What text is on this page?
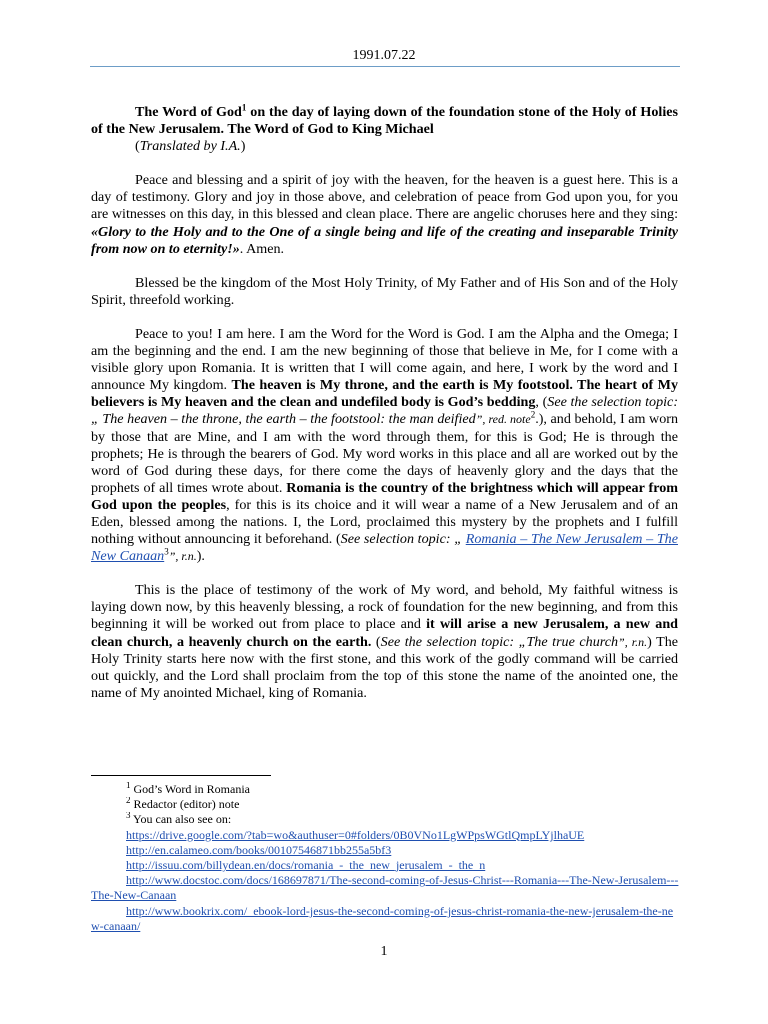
1991.07.22

The Word of God$^1$ on the day of laying down of the foundation stone of the Holy of Holies of the New Jerusalem. The Word of God to King Michael

(Translated by I.A.)

Peace and blessing and a spirit of joy with the heaven, for the heaven is a guest here. This is a day of testimony. Glory and joy in those above, and celebration of peace from God upon you, for you are witnesses on this day, in this blessed and clean place. There are angelic choruses here and they sing: «Glory to the Holy and to the One of a single being and life of the creating and inseparable Trinity from now on to eternity!». Amen.

Blessed be the kingdom of the Most Holy Trinity, of My Father and of His Son and of the Holy Spirit, threefold working.

Peace to you! I am here. I am the Word for the Word is God. I am the Alpha and the Omega; I am the beginning and the end. I am the new beginning of those that believe in Me, for I come with a visible glory upon Romania. It is written that I will come again, and here, I work by the word and I announce My kingdom. The heaven is My throne, and the earth is My footstool. The heart of My believers is My heaven and the clean and undefiled body is God’s bedding, (See the selection topic: „ The heaven – the throne, the earth – the footstool: the man deified”, red. note$^2$.), and behold, I am worn by those that are Mine, and I am with the word through them, for this is God; He is through the prophets; He is through the bearers of God. My word works in this place and all are worked out by the word of God during these days, for there come the days of heavenly glory and the days that the prophets of all times wrote about. Romania is the country of the brightness which will appear from God upon the peoples, for this is its choice and it will wear a name of a New Jerusalem and of an Eden, blessed among the nations. I, the Lord, proclaimed this mystery by the prophets and I fulfill nothing without announcing it beforehand. (See selection topic: „ Romania – The New Jerusalem – The New Canaan$^3$”, r.n.).

This is the place of testimony of the work of My word, and behold, My faithful witness is laying down now, by this heavenly blessing, a rock of foundation for the new beginning, and from this beginning it will be worked out from place to place and it will arise a new Jerusalem, a new and clean church, a heavenly church on the earth. (See the selection topic: „The true church”, r.n.) The Holy Trinity starts here now with the first stone, and this work of the godly command will be carried out quickly, and the Lord shall proclaim from the top of this stone the name of the anointed one, the name of My anointed Michael, king of Romania.

$^1$ God’s Word in Romania
$^2$ Redactor (editor) note
$^3$ You can also see on:
https://drive.google.com/?tab=wo&authuser=0#folders/0B0VNo1LgWPpsWGtlQmpLYjlhaUE
http://en.calameo.com/books/00107546871bb255a5bf3
http://issuu.com/billydean.en/docs/romania_-_the_new_jerusalem_-_the_n
http://www.docstoc.com/docs/168697871/The-second-coming-of-Jesus-Christ---Romania---The-New-Jerusalem---The-New-Canaan
http://www.bookrix.com/_ebook-lord-jesus-the-second-coming-of-jesus-christ-romania-the-new-jerusalem-the-new-canaan/
1
